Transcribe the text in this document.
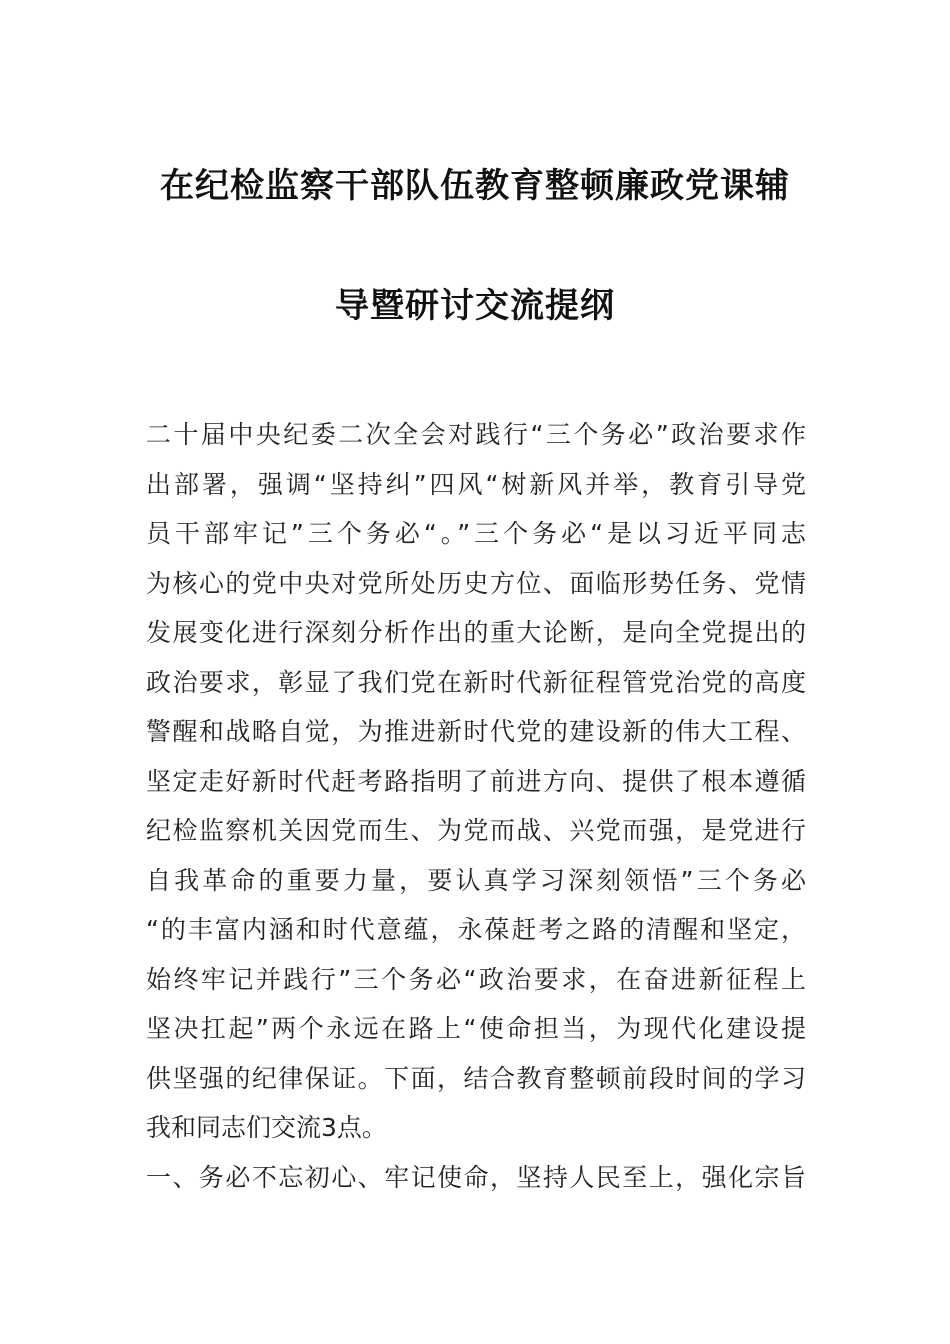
在纪检监察干部队伍教育整顿廉政党课辅
导暨研讨交流提纲
二十届中央纪委二次全会对践行“三个务必”政治要求作
出部署，强调“坚持纠”四风“树新风并举，教育引导党
员干部牢记”三个务必“。”三个务必“是以习近平同志
为核心的党中央对党所处历史方位、面临形势任务、党情
发展变化进行深刻分析作出的重大论断，是向全党提出的
政治要求，彰显了我们党在新时代新征程管党治党的高度
警醒和战略自觉，为推进新时代党的建设新的伟大工程、
坚定走好新时代赶考路指明了前进方向、提供了根本遵循
纪检监察机关因党而生、为党而战、兴党而强，是党进行
自我革命的重要力量，要认真学习深刻领悟”三个务必
“的丰富内涵和时代意蕴，永葆赶考之路的清醒和坚定，
始终牢记并践行”三个务必“政治要求，在奋进新征程上
坚决扛起”两个永远在路上“使命担当，为现代化建设提
供坚强的纪律保证。下面，结合教育整顿前段时间的学习
我和同志们交流3点。
一、务必不忘初心、牢记使命，坚持人民至上，强化宗旨
